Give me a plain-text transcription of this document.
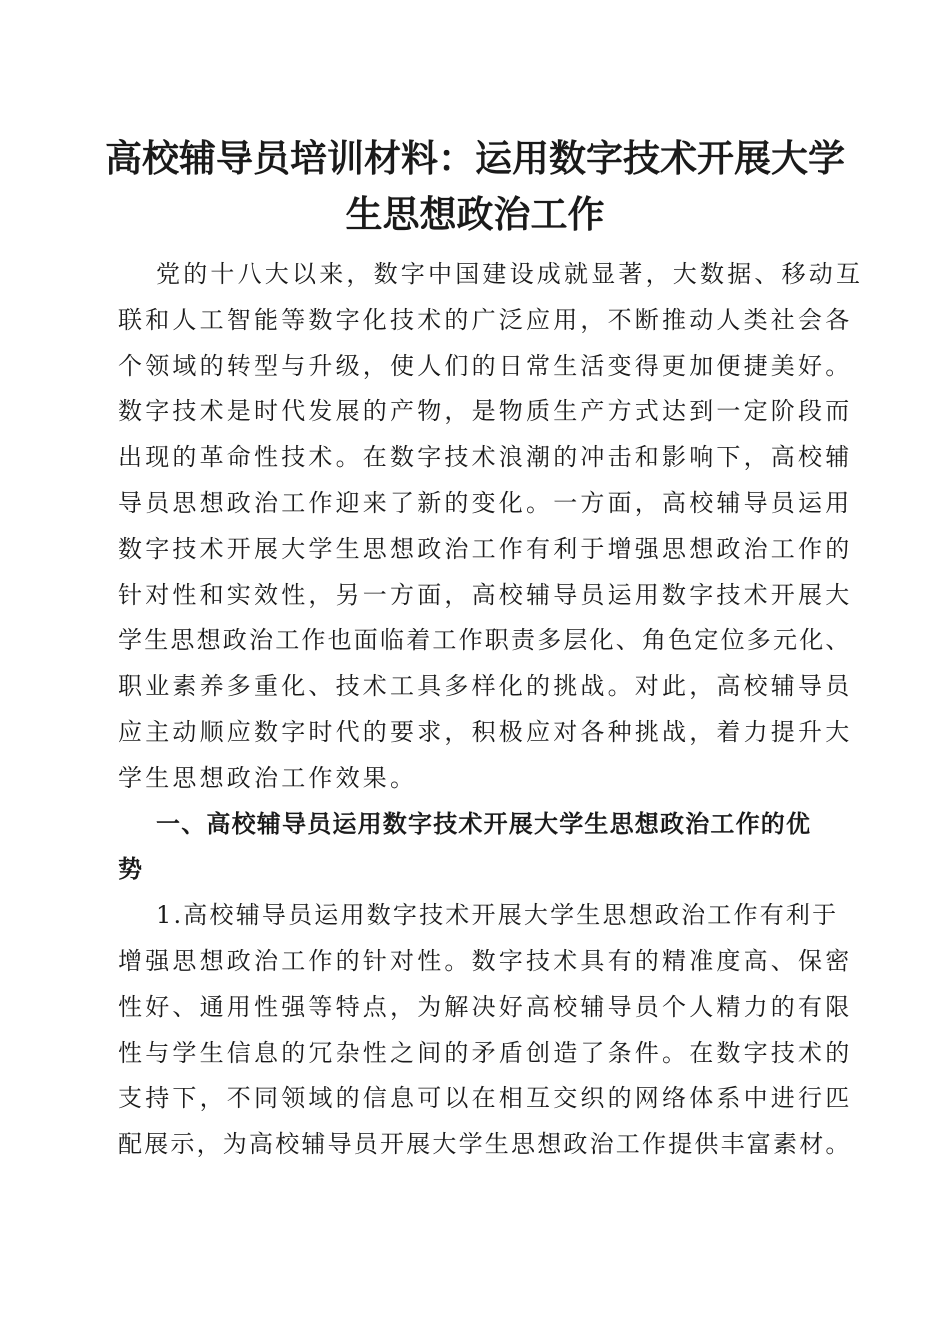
高校辅导员培训材料：运用数字技术开展大学
生思想政治工作
党的十八大以来，数字中国建设成就显著，大数据、移动互
联和人工智能等数字化技术的广泛应用，不断推动人类社会各
个领域的转型与升级，使人们的日常生活变得更加便捷美好。
数字技术是时代发展的产物，是物质生产方式达到一定阶段而
出现的革命性技术。在数字技术浪潮的冲击和影响下，高校辅
导员思想政治工作迎来了新的变化。一方面，高校辅导员运用
数字技术开展大学生思想政治工作有利于增强思想政治工作的
针对性和实效性，另一方面，高校辅导员运用数字技术开展大
学生思想政治工作也面临着工作职责多层化、角色定位多元化、
职业素养多重化、技术工具多样化的挑战。对此，高校辅导员
应主动顺应数字时代的要求，积极应对各种挑战，着力提升大
学生思想政治工作效果。
一、高校辅导员运用数字技术开展大学生思想政治工作的优
势
1.高校辅导员运用数字技术开展大学生思想政治工作有利于
增强思想政治工作的针对性。数字技术具有的精准度高、保密
性好、通用性强等特点，为解决好高校辅导员个人精力的有限
性与学生信息的冗杂性之间的矛盾创造了条件。在数字技术的
支持下，不同领域的信息可以在相互交织的网络体系中进行匹
配展示，为高校辅导员开展大学生思想政治工作提供丰富素材。
